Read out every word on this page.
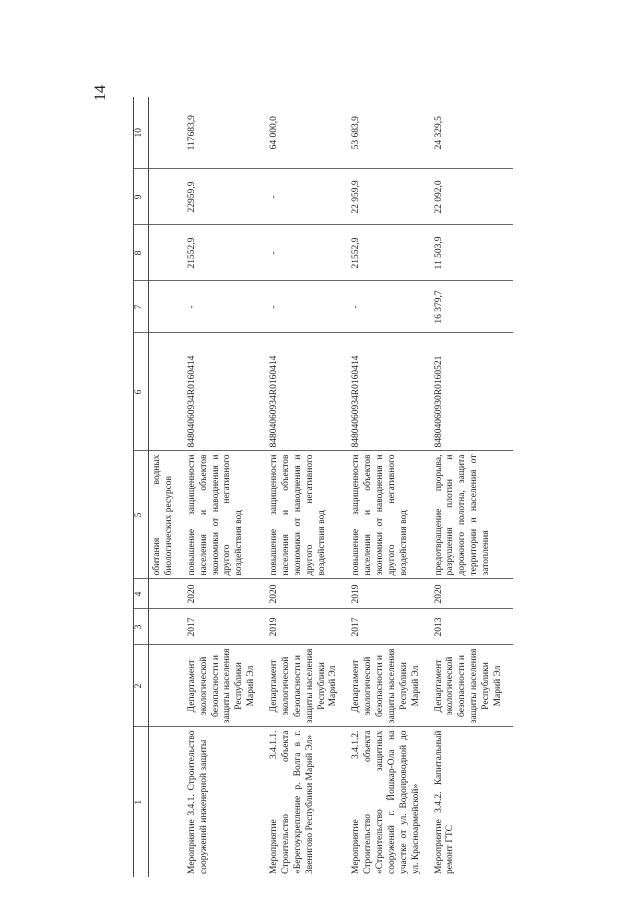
14
1	2	3	4	5	6	7	8	9	10
				обитания водных биологических ресурсов					
Мероприятие 3.4.1. Строительство сооружений инженерной защиты	Департамент экологической безопасности и защиты населения Республики Марий Эл	2017	2020	повышение защищенности населения и объектов экономики от наводнения и другого негативного воздействия вод	84804060934R0160414	-	21552,9	22959,9	117683,9
Мероприятие 3.4.1.1. Строительство объекта «Берегоукрепление р. Волга в г. Звенигово Республики Марий Эл»	Департамент экологической безопасности и защиты населения Республики Марий Эл	2019	2020	повышение защищенности населения и объектов экономики от наводнения и другого негативного воздействия вод	84804060934R0160414	-	-	-	64 000,0
Мероприятие 3.4.1.2. Строительство объекта «Строительство защитных сооружений г. Йошкар-Ола на участке от ул. Водопроводной до ул. Красноармейской»	Департамент экологической безопасности и защиты населения Республики Марий Эл	2017	2019	повышение защищенности населения и объектов экономики от наводнения и другого негативного воздействия вод	84804060934R0160414	-	21552,9	22 959,9	53 683,9
Мероприятие 3.4.2. Капитальный ремонт ГТС	Департамент экологической безопасности и защиты населения Республики Марий Эл	2013	2020	предотвращение прорыва, разрушения плотин и дорожного полотна, защита территории и населения от затопления	84804060930R0160521	16 379,7	11 503,9	22 092,0	24 329,5
